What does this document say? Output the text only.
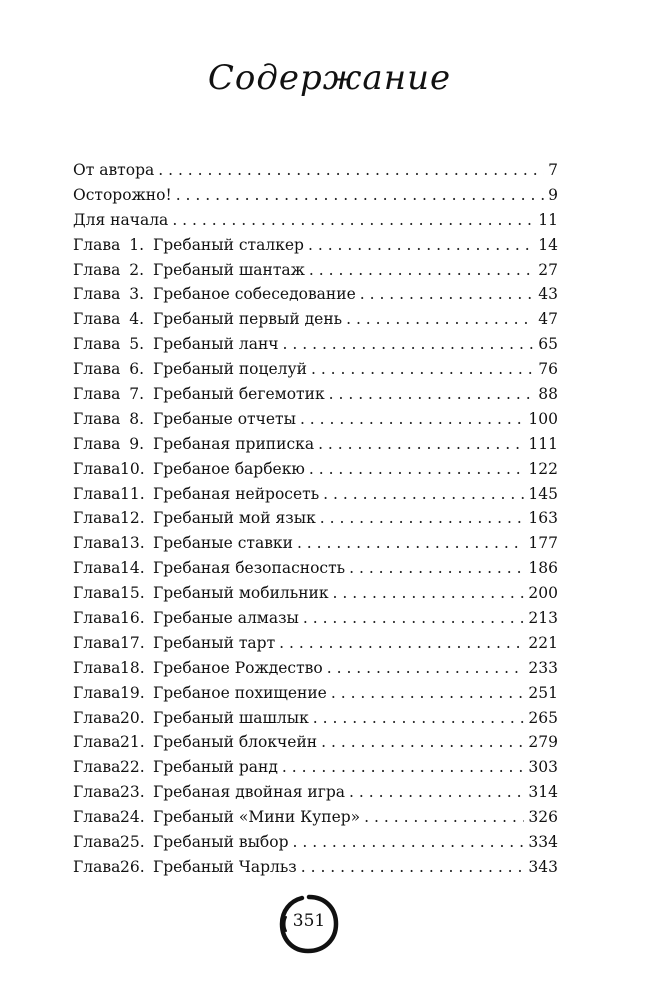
Содержание
От автора . . .	7
Осторожно! . . .	9
Для начала . . .	11
Глава 1. Гребаный сталкер . . .	14
Глава 2. Гребаный шантаж . . .	27
Глава 3. Гребаное собеседование . . .	43
Глава 4. Гребаный первый день . . .	47
Глава 5. Гребаный ланч . . .	65
Глава 6. Гребаный поцелуй . . .	76
Глава 7. Гребаный бегемотик . . .	88
Глава 8. Гребаные отчеты . . .	100
Глава 9. Гребаная приписка . . .	111
Глава 10. Гребаное барбекю . . .	122
Глава 11. Гребаная нейросеть . . .	145
Глава 12. Гребаный мой язык . . .	163
Глава 13. Гребаные ставки . . .	177
Глава 14. Гребаная безопасность . . .	186
Глава 15. Гребаный мобильник . . .	200
Глава 16. Гребаные алмазы . . .	213
Глава 17. Гребаный тарт . . .	221
Глава 18. Гребаное Рождество . . .	233
Глава 19. Гребаное похищение . . .	251
Глава 20. Гребаный шашлык . . .	265
Глава 21. Гребаный блокчейн . . .	279
Глава 22. Гребаный ранд . . .	303
Глава 23. Гребаная двойная игра . . .	314
Глава 24. Гребаный «Мини Купер» . . .	326
Глава 25. Гребаный выбор . . .	334
Глава 26. Гребаный Чарльз . . .	343
351
